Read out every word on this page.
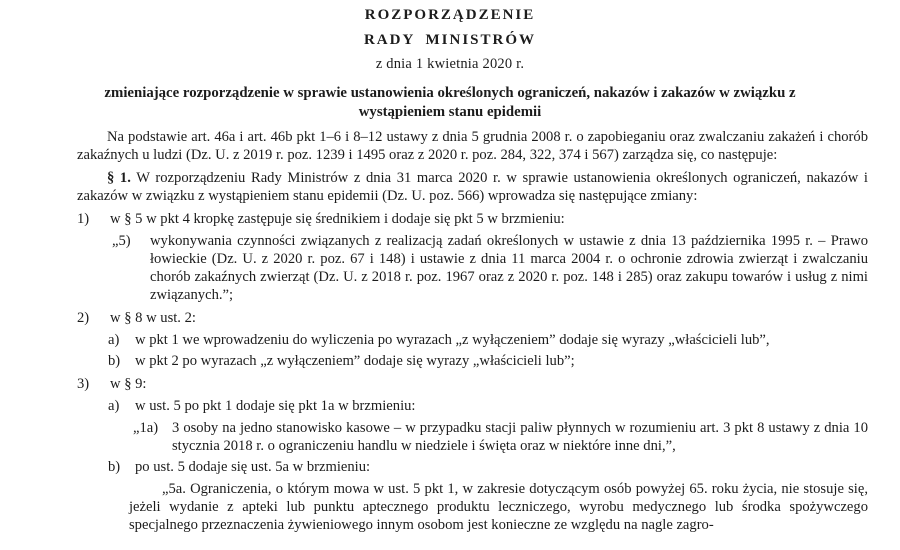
ROZPORZĄDZENIE
RADY MINISTRÓW
z dnia 1 kwietnia 2020 r.
zmieniające rozporządzenie w sprawie ustanowienia określonych ograniczeń, nakazów i zakazów w związku z wystąpieniem stanu epidemii

Na podstawie art. 46a i art. 46b pkt 1–6 i 8–12 ustawy z dnia 5 grudnia 2008 r. o zapobieganiu oraz zwalczaniu zakażeń i chorób zakaźnych u ludzi (Dz. U. z 2019 r. poz. 1239 i 1495 oraz z 2020 r. poz. 284, 322, 374 i 567) zarządza się, co następuje:

§ 1. W rozporządzeniu Rady Ministrów z dnia 31 marca 2020 r. w sprawie ustanowienia określonych ograniczeń, nakazów i zakazów w związku z wystąpieniem stanu epidemii (Dz. U. poz. 566) wprowadza się następujące zmiany:

1)	w § 5 w pkt 4 kropkę zastępuje się średnikiem i dodaje się pkt 5 w brzmieniu:
„5)	wykonywania czynności związanych z realizacją zadań określonych w ustawie z dnia 13 października 1995 r. – Prawo łowieckie (Dz. U. z 2020 r. poz. 67 i 148) i ustawie z dnia 11 marca 2004 r. o ochronie zdrowia zwierząt i zwalczaniu chorób zakaźnych zwierząt (Dz. U. z 2018 r. poz. 1967 oraz z 2020 r. poz. 148 i 285) oraz zakupu towarów i usług z nimi związanych.”;
2)	w § 8 w ust. 2:
a)	w pkt 1 we wprowadzeniu do wyliczenia po wyrazach „z wyłączeniem” dodaje się wyrazy „właścicieli lub”,
b)	w pkt 2 po wyrazach „z wyłączeniem” dodaje się wyrazy „właścicieli lub”;
3)	w § 9:
a)	w ust. 5 po pkt 1 dodaje się pkt 1a w brzmieniu:
„1a) 3 osoby na jedno stanowisko kasowe – w przypadku stacji paliw płynnych w rozumieniu art. 3 pkt 8 ustawy z dnia 10 stycznia 2018 r. o ograniczeniu handlu w niedziele i święta oraz w niektóre inne dni,”,
b)	po ust. 5 dodaje się ust. 5a w brzmieniu:
„5a. Ograniczenia, o którym mowa w ust. 5 pkt 1, w zakresie dotyczącym osób powyżej 65. roku życia, nie stosuje się, jeżeli wydanie z apteki lub punktu aptecznego produktu leczniczego, wyrobu medycznego lub środka spożywczego specjalnego przeznaczenia żywieniowego innym osobom jest konieczne ze względu na nagle zagro-
